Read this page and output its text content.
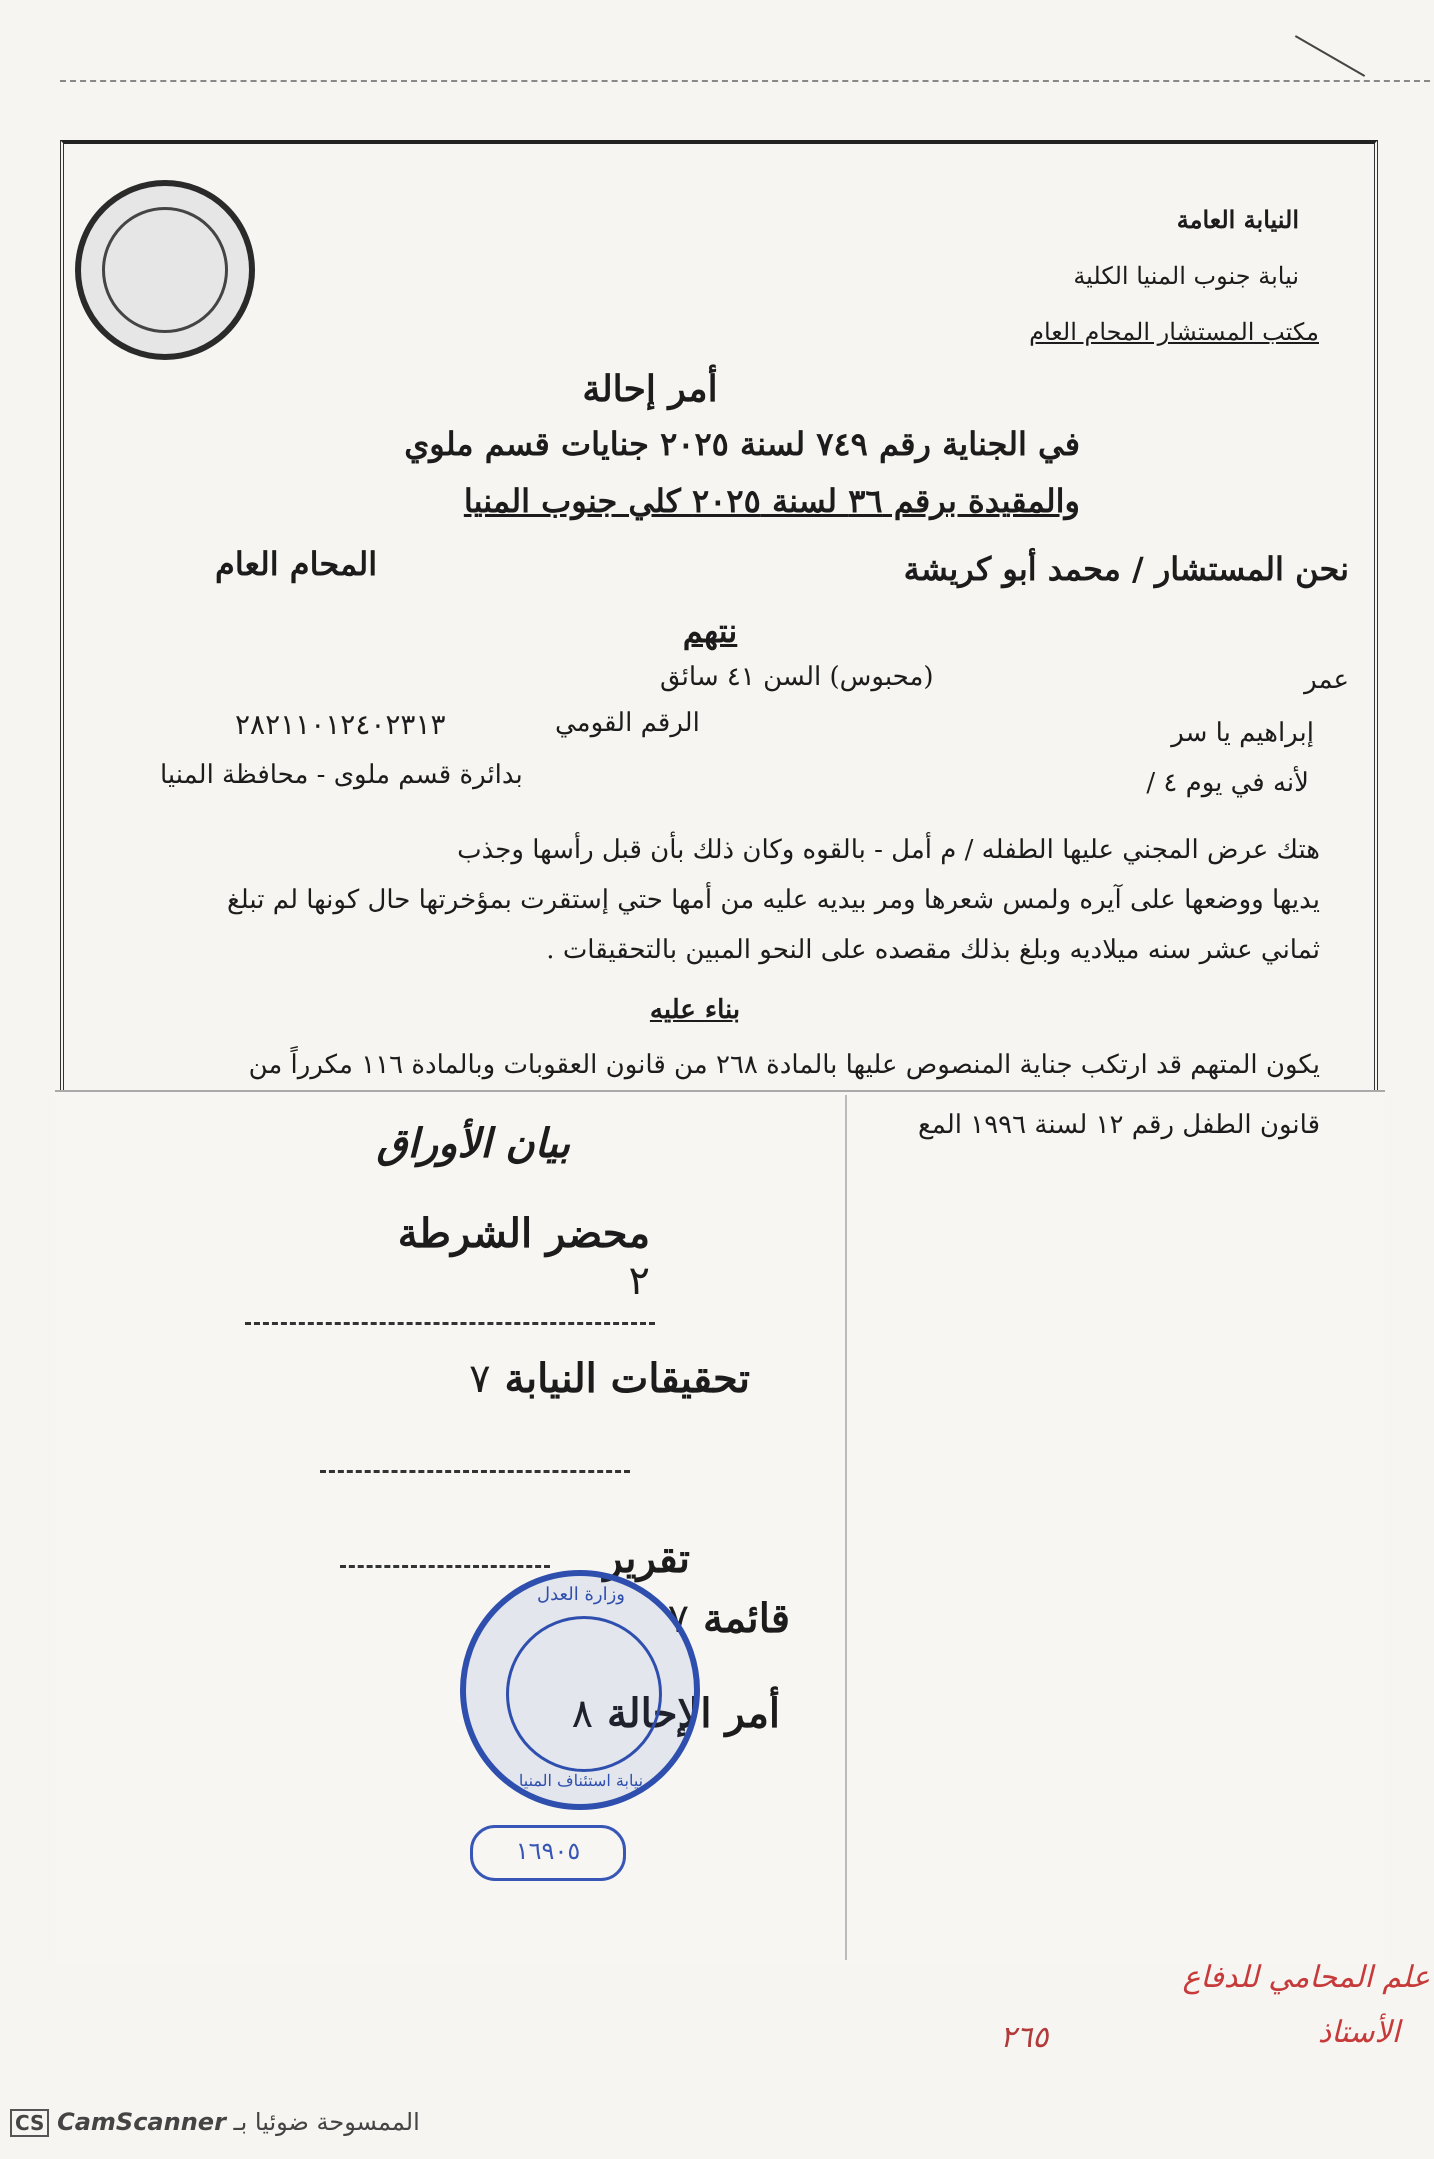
النيابة العامة
نيابة جنوب المنيا الكلية
مكتب المستشار المحام العام
أمر إحالة
في الجناية رقم ٧٤٩ لسنة ٢٠٢٥ جنايات قسم ملوي
والمقيدة برقم ٣٦ لسنة ٢٠٢٥ كلي جنوب المنيا
نحن المستشار / محمد أبو كريشة
المحام العام
نتهم
عمر
(محبوس) السن ٤١ سائق
إبراهيم يا سر
الرقم القومي
٢٨٢١١٠١٢٤٠٢٣١٣
بدائرة قسم ملوى - محافظة المنيا	لأنه في يوم ٤ /
هتك عرض المجني عليها الطفله / م أمل - بالقوه وكان ذلك بأن قبل رأسها وجذب
يديها ووضعها على آيره ولمس شعرها ومر بيديه عليه من أمها حتي إستقرت بمؤخرتها حال كونها لم تبلغ
ثماني عشر سنه ميلاديه وبلغ بذلك مقصده على النحو المبين بالتحقيقات .
بناء عليه
يكون المتهم قد ارتكب جناية المنصوص عليها بالمادة ٢٦٨ من قانون العقوبات وبالمادة ١١٦ مكرراً من
قانون الطفل رقم ١٢ لسنة ١٩٩٦ المع
بيان الأوراق
محضر الشرطة ٢
تحقيقات النيابة ٧
تقرير
قائمة ٧
أمر الإحالة ٨
وزارة العدل
نيابة استئناف المنيا
١٦٩٠٥
علم المحامي للدفاع
الأستاذ
٢٦٥
CS CamScanner الممسوحة ضوئيا بـ
